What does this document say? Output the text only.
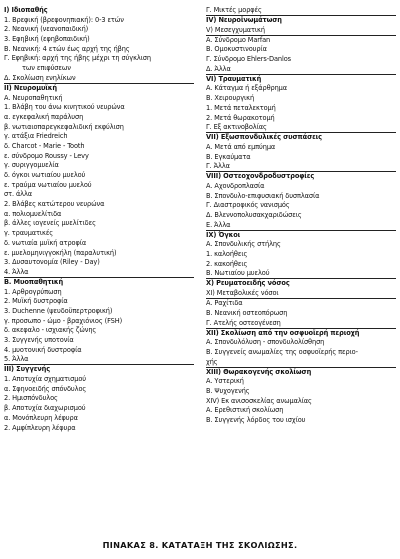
Ι) Ιδιοπαθής
1. Βρεφική (βρεφονηπιακή): 0-3 ετών
2. Νεανική (νεανοπαιδική)
3. Εφηβική (εφηβοπαιδική)
Β. Νεανική: 4 ετών έως αρχή της ήβης
Γ. Εφηβική: αρχή της ήβης μέχρι τη σύγκλιση
των επιφύσεων
Δ. Σκολίωση ενηλίκων
ΙΙ) Νευρομυϊκή
Α. Νευροπαθητική
1. Βλάβη του άνω κινητικού νευρώνα
α. εγκεφαλική παράλυση
β. νωτιαιοπαρεγκεφαλιδική εκφύλιση
γ. ατάξια Friedreich
δ. Charcot - Marie - Tooth
ε. σύνδρομο Roussy - Levy
γ. συριγγομυελία
δ. όγκοι νωτιαίου μυελού
ε. τραύμα νωτιαίου μυελού
στ. άλλα
2. Βλάβες κατώτερου νευρώνα
α. πολιομυελίτιδα
β. άλλες ιογενείς μυελίτιδες
γ. τραυματικές
δ. νωτιαία μυϊκή ατροφία
ε. μυελομηνιγγοκήλη (παραλυτική)
3. Δυσαυτονομία (Riley - Day)
4. Άλλα
Β. Μυοπαθητική
1. Αρθρογρύπωση
2. Μυϊκή δυστροφία
3. Duchenne (ψευδοϋπερτροφική)
γ. προσωπο - ώμο - βραχιόνιος (FSH)
δ. ακεφαλο - ισχιακής ζώνης
3. Συγγενής υποτονία
4. μυοτονική δυστροφία
5. Άλλα
ΙΙΙ) Συγγενής
1. Αποτυχία σχηματισμού
α. Σφηνοειδής σπόνδυλος
2. Ημισπόνδυλος
β. Αποτυχία διαχωρισμού
α. Μονόπλευρη λέφυρα
2. Αμφίπλευρη λέφυρα
Γ. Μικτές μορφές
ΙV) Νευροϊνωμάτωση
V) Μεσεγχυματική
Α. Σύνδρομο Marfan
Β. Ομοκυστινουρία
Γ. Σύνδρομο Ehlers-Danlos
Δ. Άλλα
VI) Τραυματική
Α. Κάταγμα ή εξάρθρημα
Β. Χειρουργική
1. Μετά πεταλεκτομή
2. Μετά θωρακοτομή
Γ. Εξ ακτινοβολίας
VII) Εξωσπονδυλικές συσπάσεις
Α. Μετά από εμπύημα
Β. Εγκαύματα
Γ. Άλλα
VIII) Οστεοχονδροδυστροφίες
Α. Αχονδροπλασία
Β. Σπονδυλο-επιφυσιακή δυσπλασία
Γ. Διαστροφικός νανισμός
Δ. Βλεννοπολυσακχαριδώσεις
Ε. Άλλα
ΙΧ) Όγκοι
Α. Σπονδυλικής στήλης
1. καλοήθεις
2. κακοήθεις
Β. Νωτιαίου μυελού
Χ) Ρευματοειδής νόσος
ΧΙ) Μεταβολικές νόσοι
Α. Ραχίτιδα
Β. Νεανική οστεοπόρωση
Γ. Ατελής οστεογένεση
ΧΙΙ) Σκολίωση από την οσφυοϊερή περιοχή
Α. Σπονδυλόλυση - σπονδυλολίσθηση
Β. Συγγενείς ανωμαλίες της οσφυοϊερής περιο-
χής
ΧΙΙΙ) Θωρακογενής σκολίωση
Α. Υστερική
Β. Ψυχογενής
XIV) Εκ ανισοσκελίας ανωμαλίας
Α. Ερεθιστική σκολίωση
Β. Συγγενής λόρδος του ισχίου
ΠΙΝΑΚΑΣ 8. ΚΑΤΑΤΑΞΗ ΤΗΣ ΣΚΟΛΙΩΣΗΣ.
